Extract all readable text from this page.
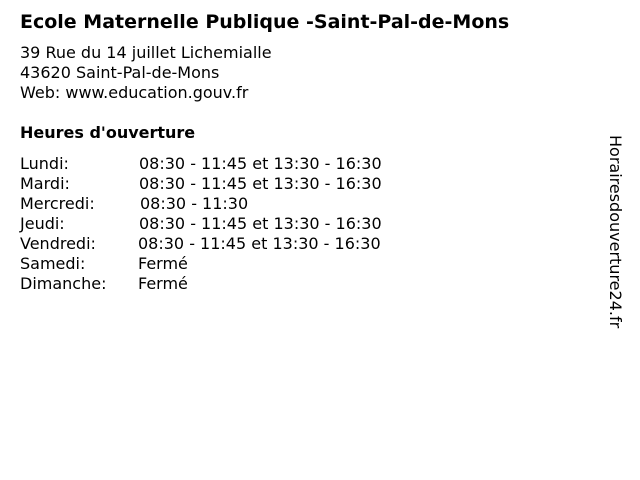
Ecole Maternelle Publique -Saint-Pal-de-Mons
39 Rue du 14 juillet Lichemialle
43620 Saint-Pal-de-Mons
Web: www.education.gouv.fr
Heures d'ouverture
Lundi:	08:30 - 11:45 et 13:30 - 16:30
Mardi:	08:30 - 11:45 et 13:30 - 16:30
Mercredi:	08:30 - 11:30
Jeudi:	08:30 - 11:45 et 13:30 - 16:30
Vendredi:	08:30 - 11:45 et 13:30 - 16:30
Samedi:	Fermé
Dimanche: Fermé	Horairesdouverture24.fr
